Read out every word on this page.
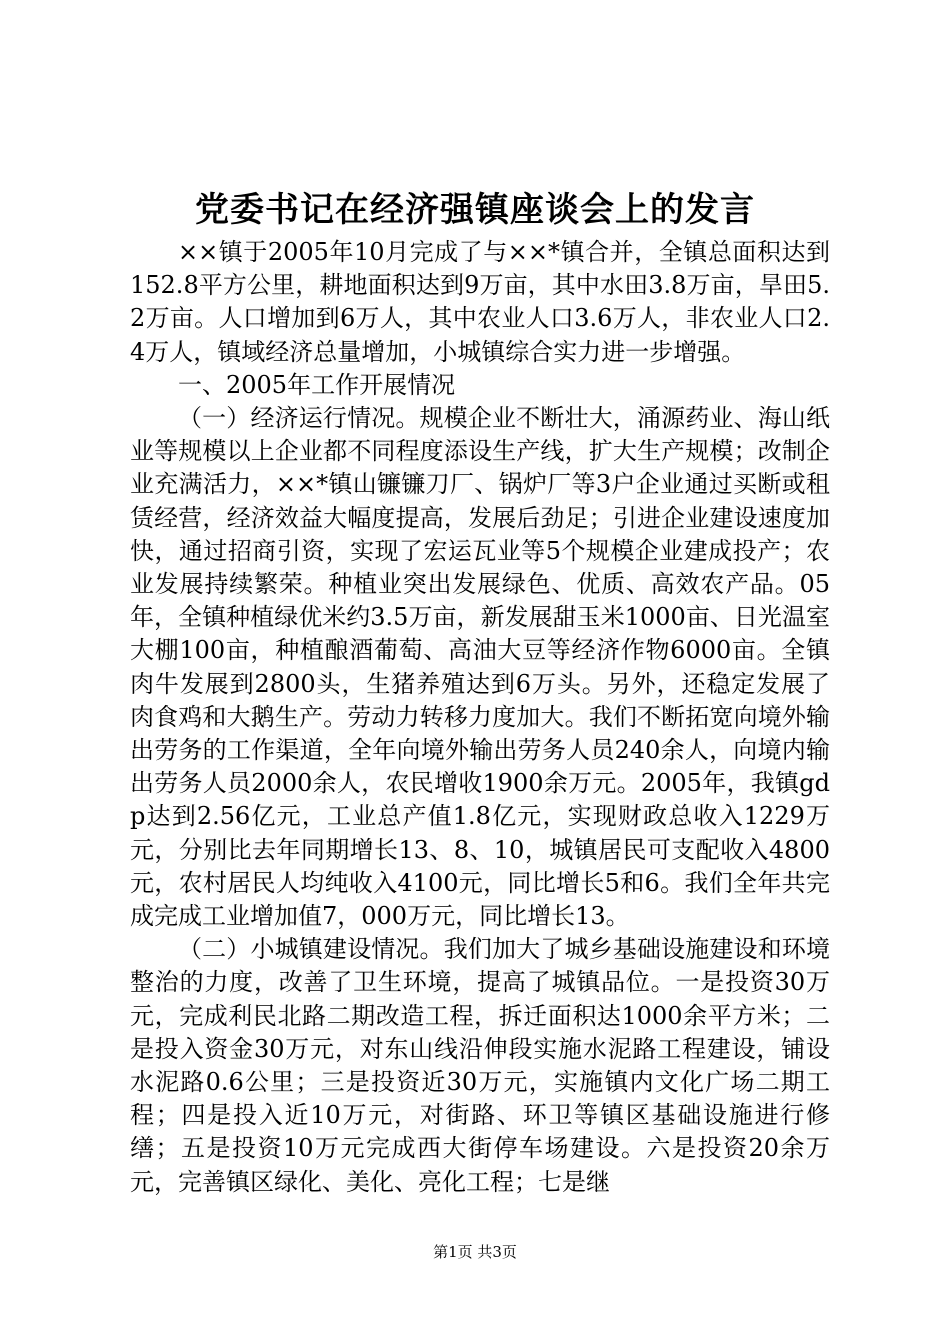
党委书记在经济强镇座谈会上的发言

××镇于2005年10月完成了与××*镇合并，全镇总面积达到152.8平方公里，耕地面积达到9万亩，其中水田3.8万亩，旱田5.2万亩。人口增加到6万人，其中农业人口3.6万人，非农业人口2.4万人，镇域经济总量增加，小城镇综合实力进一步增强。

一、2005年工作开展情况

（一）经济运行情况。规模企业不断壮大，涌源药业、海山纸业等规模以上企业都不同程度添设生产线，扩大生产规模；改制企业充满活力，××*镇山镰镰刀厂、锅炉厂等3户企业通过买断或租赁经营，经济效益大幅度提高，发展后劲足；引进企业建设速度加快，通过招商引资，实现了宏运瓦业等5个规模企业建成投产；农业发展持续繁荣。种植业突出发展绿色、优质、高效农产品。05年，全镇种植绿优米约3.5万亩，新发展甜玉米1000亩、日光温室大棚100亩，种植酿酒葡萄、高油大豆等经济作物6000亩。全镇肉牛发展到2800头，生猪养殖达到6万头。另外，还稳定发展了肉食鸡和大鹅生产。劳动力转移力度加大。我们不断拓宽向境外输出劳务的工作渠道，全年向境外输出劳务人员240余人，向境内输出劳务人员2000余人，农民增收1900余万元。2005年，我镇gdp达到2.56亿元，工业总产值1.8亿元，实现财政总收入1229万元，分别比去年同期增长13、8、10，城镇居民可支配收入4800元，农村居民人均纯收入4100元，同比增长5和6。我们全年共完成完成工业增加值7，000万元，同比增长13。

（二）小城镇建设情况。我们加大了城乡基础设施建设和环境整治的力度，改善了卫生环境，提高了城镇品位。一是投资30万元，完成利民北路二期改造工程，拆迁面积达1000余平方米；二是投入资金30万元，对东山线沿伸段实施水泥路工程建设，铺设水泥路0.6公里；三是投资近30万元，实施镇内文化广场二期工程；四是投入近10万元，对街路、环卫等镇区基础设施进行修缮；五是投资10万元完成西大街停车场建设。六是投资20余万元，完善镇区绿化、美化、亮化工程；七是继

第1页 共3页
